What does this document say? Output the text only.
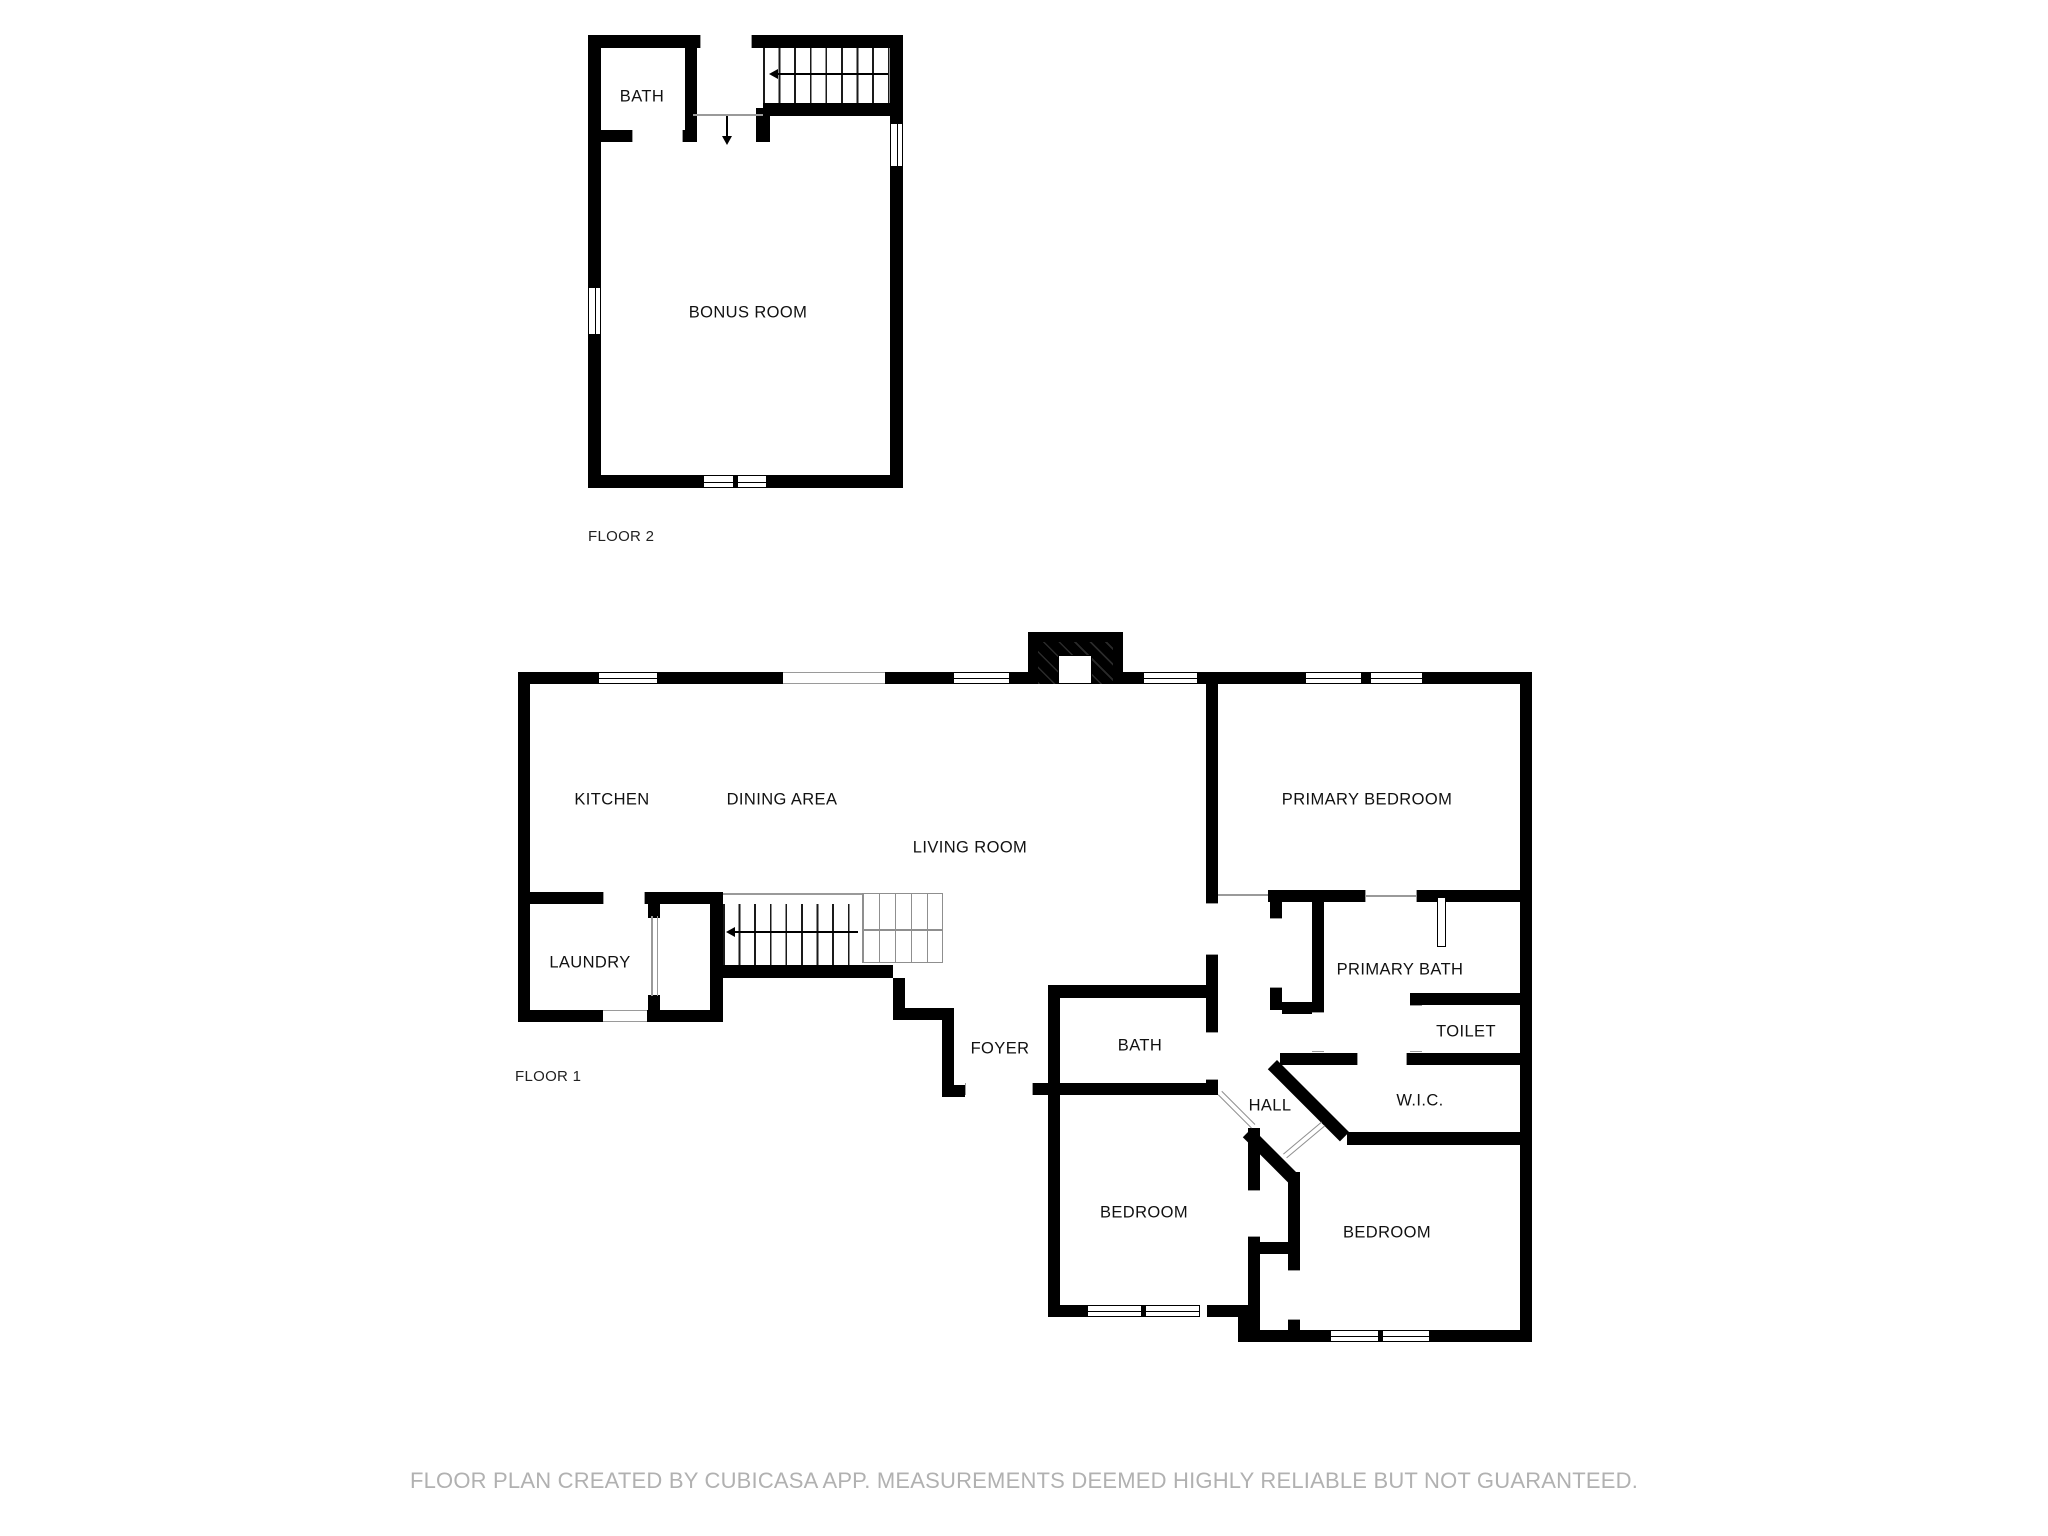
FLOOR 2
FLOOR 1
FLOOR PLAN CREATED BY CUBICASA APP. MEASUREMENTS DEEMED HIGHLY RELIABLE BUT NOT GUARANTEED.
BATH
BONUS ROOM
KITCHEN	DINING AREA
LIVING ROOM
PRIMARY BEDROOM
LAUNDRY
FOYER	BATH
HALL
PRIMARY BATH
TOILET
W.I.C.
BEDROOM
BEDROOM
